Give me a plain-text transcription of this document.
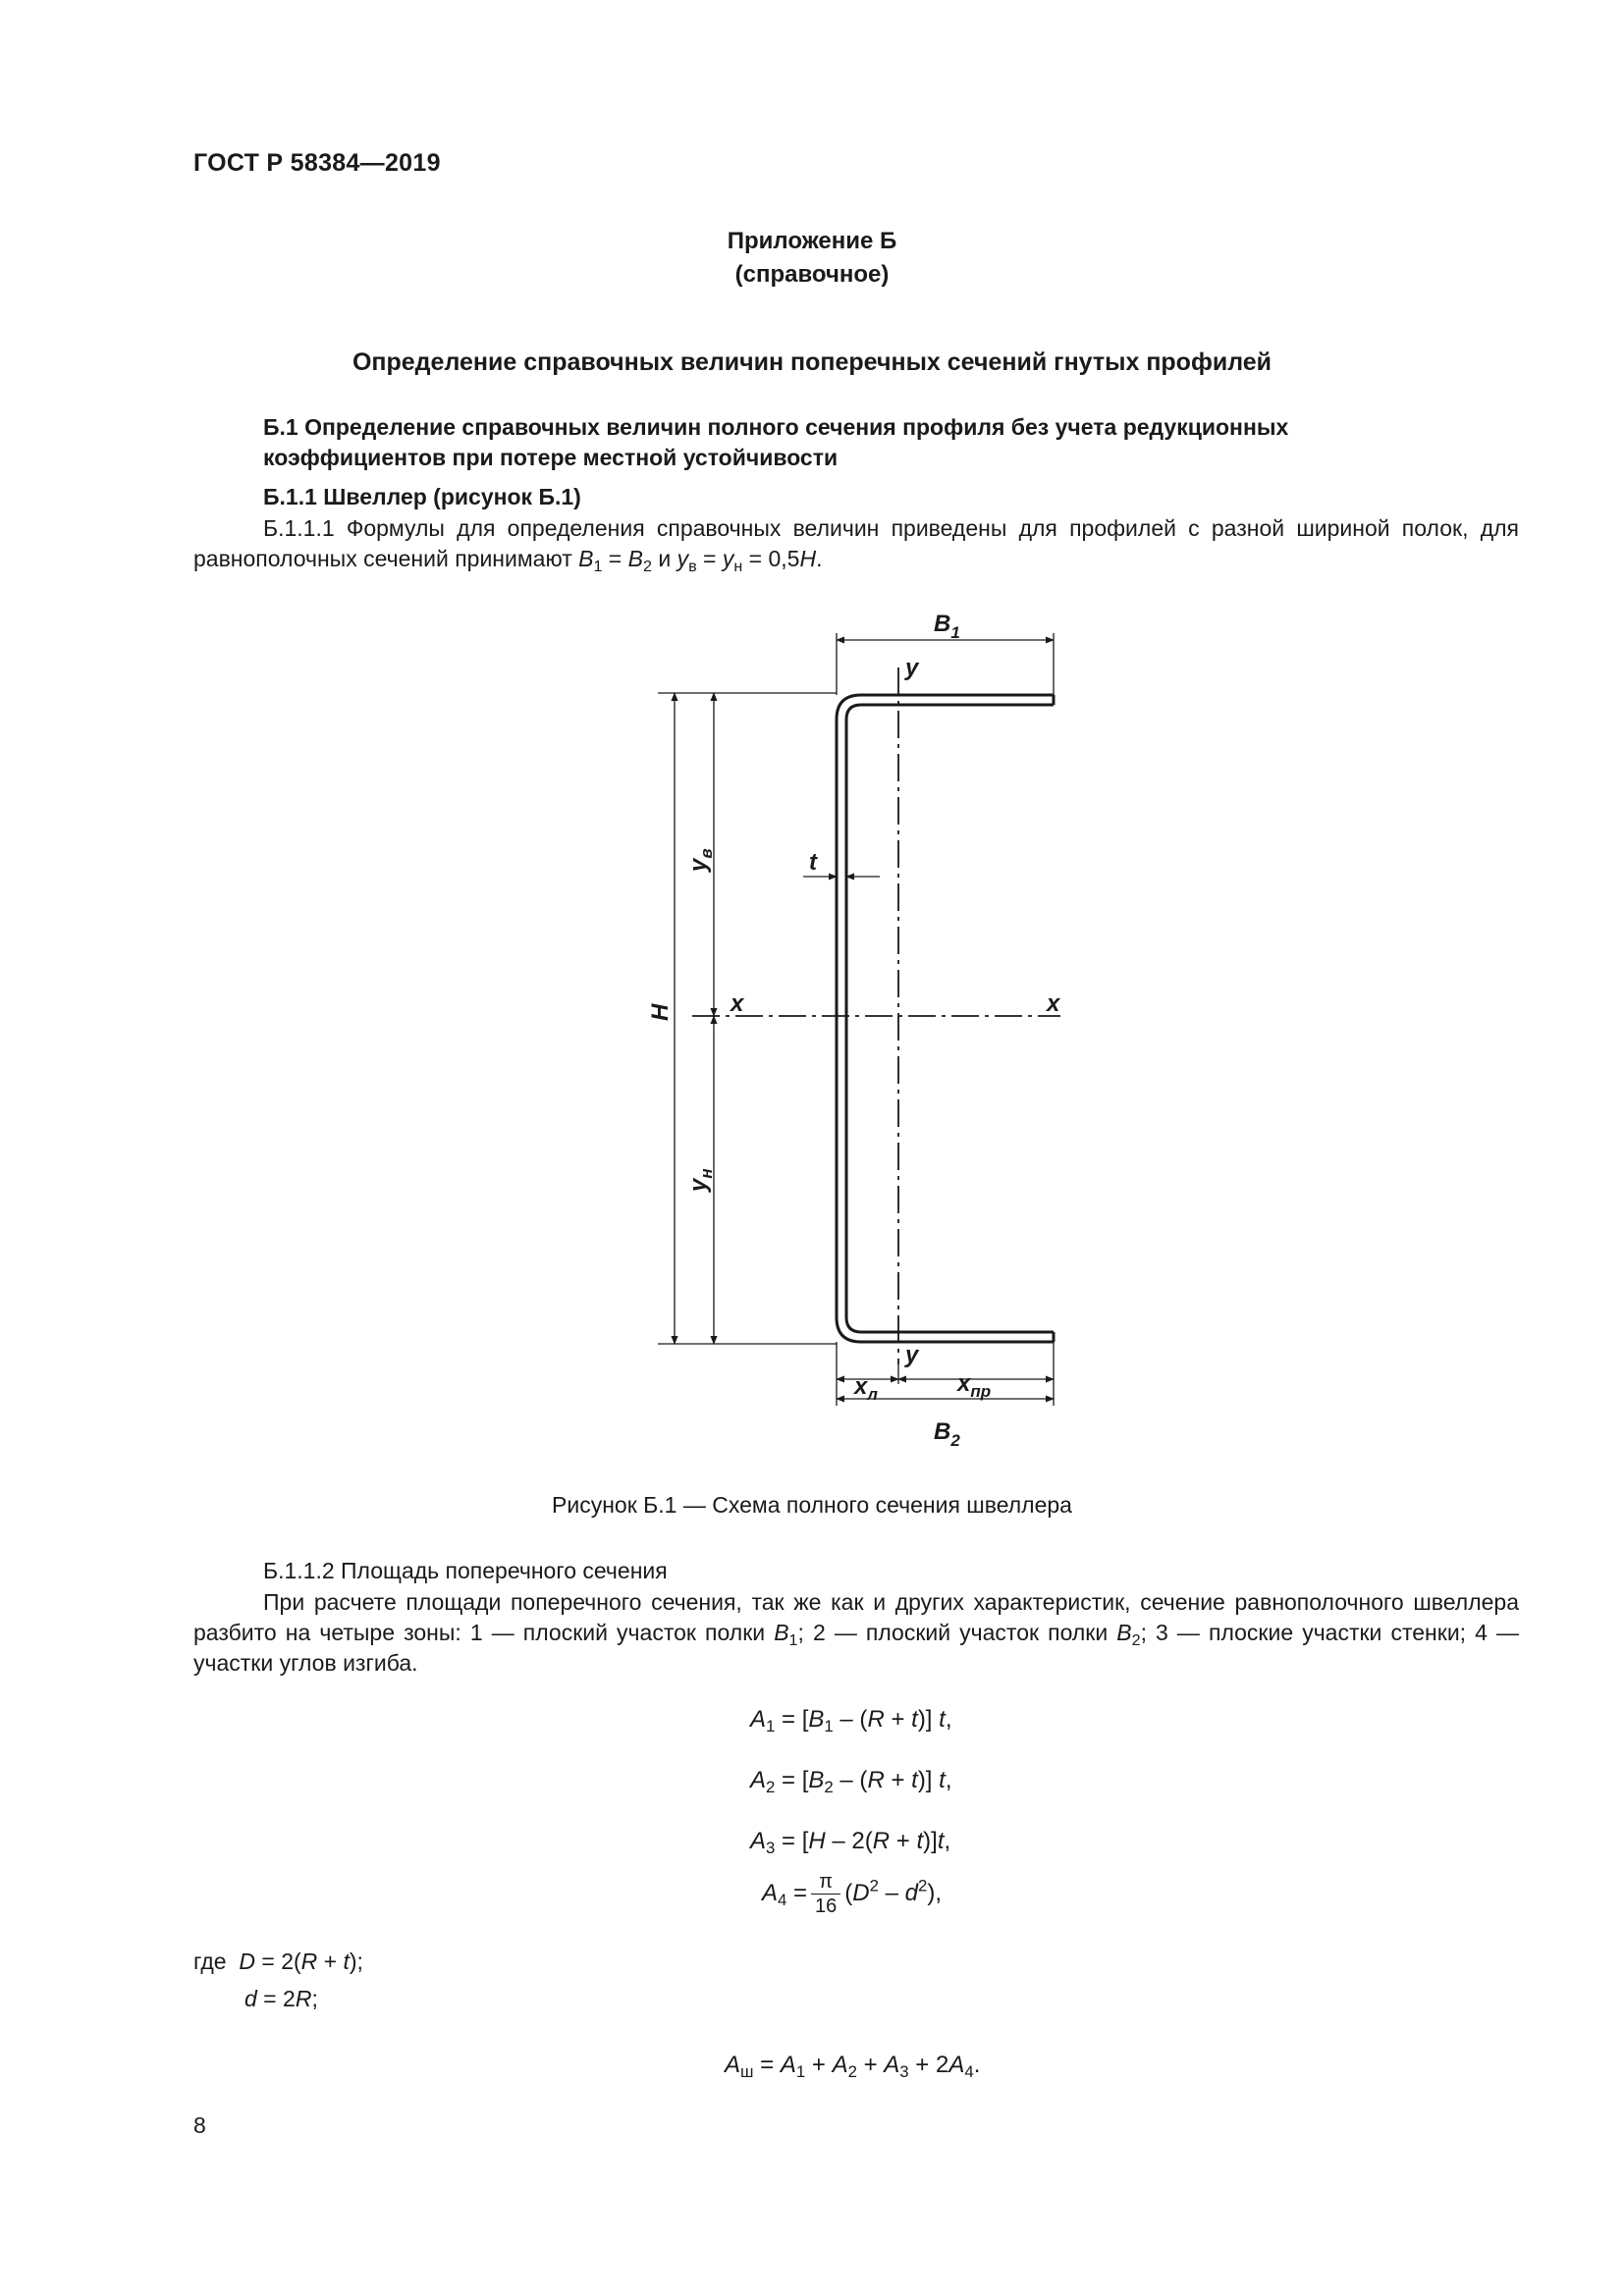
ГОСТ Р 58384—2019
Приложение Б
(справочное)
Определение справочных величин поперечных сечений гнутых профилей
Б.1 Определение справочных величин полного сечения профиля без учета редукционных
коэффициентов при потере местной устойчивости
Б.1.1 Швеллер (рисунок Б.1)
Б.1.1.1 Формулы для определения справочных величин приведены для профилей с разной шириной полок, для равнополочных сечений принимают $B_1 = B_2$ и $y_в = y_н = 0,5H$.
$B_1$
$B_2$
y
y
x	x
t
$x_л$	$x_{пр}$
H
$y_в$
$y_н$
Рисунок Б.1 — Схема полного сечения швеллера
Б.1.1.2 Площадь поперечного сечения
При расчете площади поперечного сечения, так же как и других характеристик, сечение равнополочного швеллера разбито на четыре зоны: 1 — плоский участок полки $B_1$; 2 — плоский участок полки $B_2$; 3 — плоские участки стенки; 4 — участки углов изгиба.
$A_1 = [B_1 - (R + t)]$ t,
$A_2 = [B_2 - (R + t)]$ t,
$A_3 = [H - 2(R + t)]t$,
$A_4 = \frac{\pi}{16} (D^2 - d^2)$,
где D = 2(R + t);
d = 2R;
$A_ш = A_1 + A_2 + A_3 + 2A_4$.
8
